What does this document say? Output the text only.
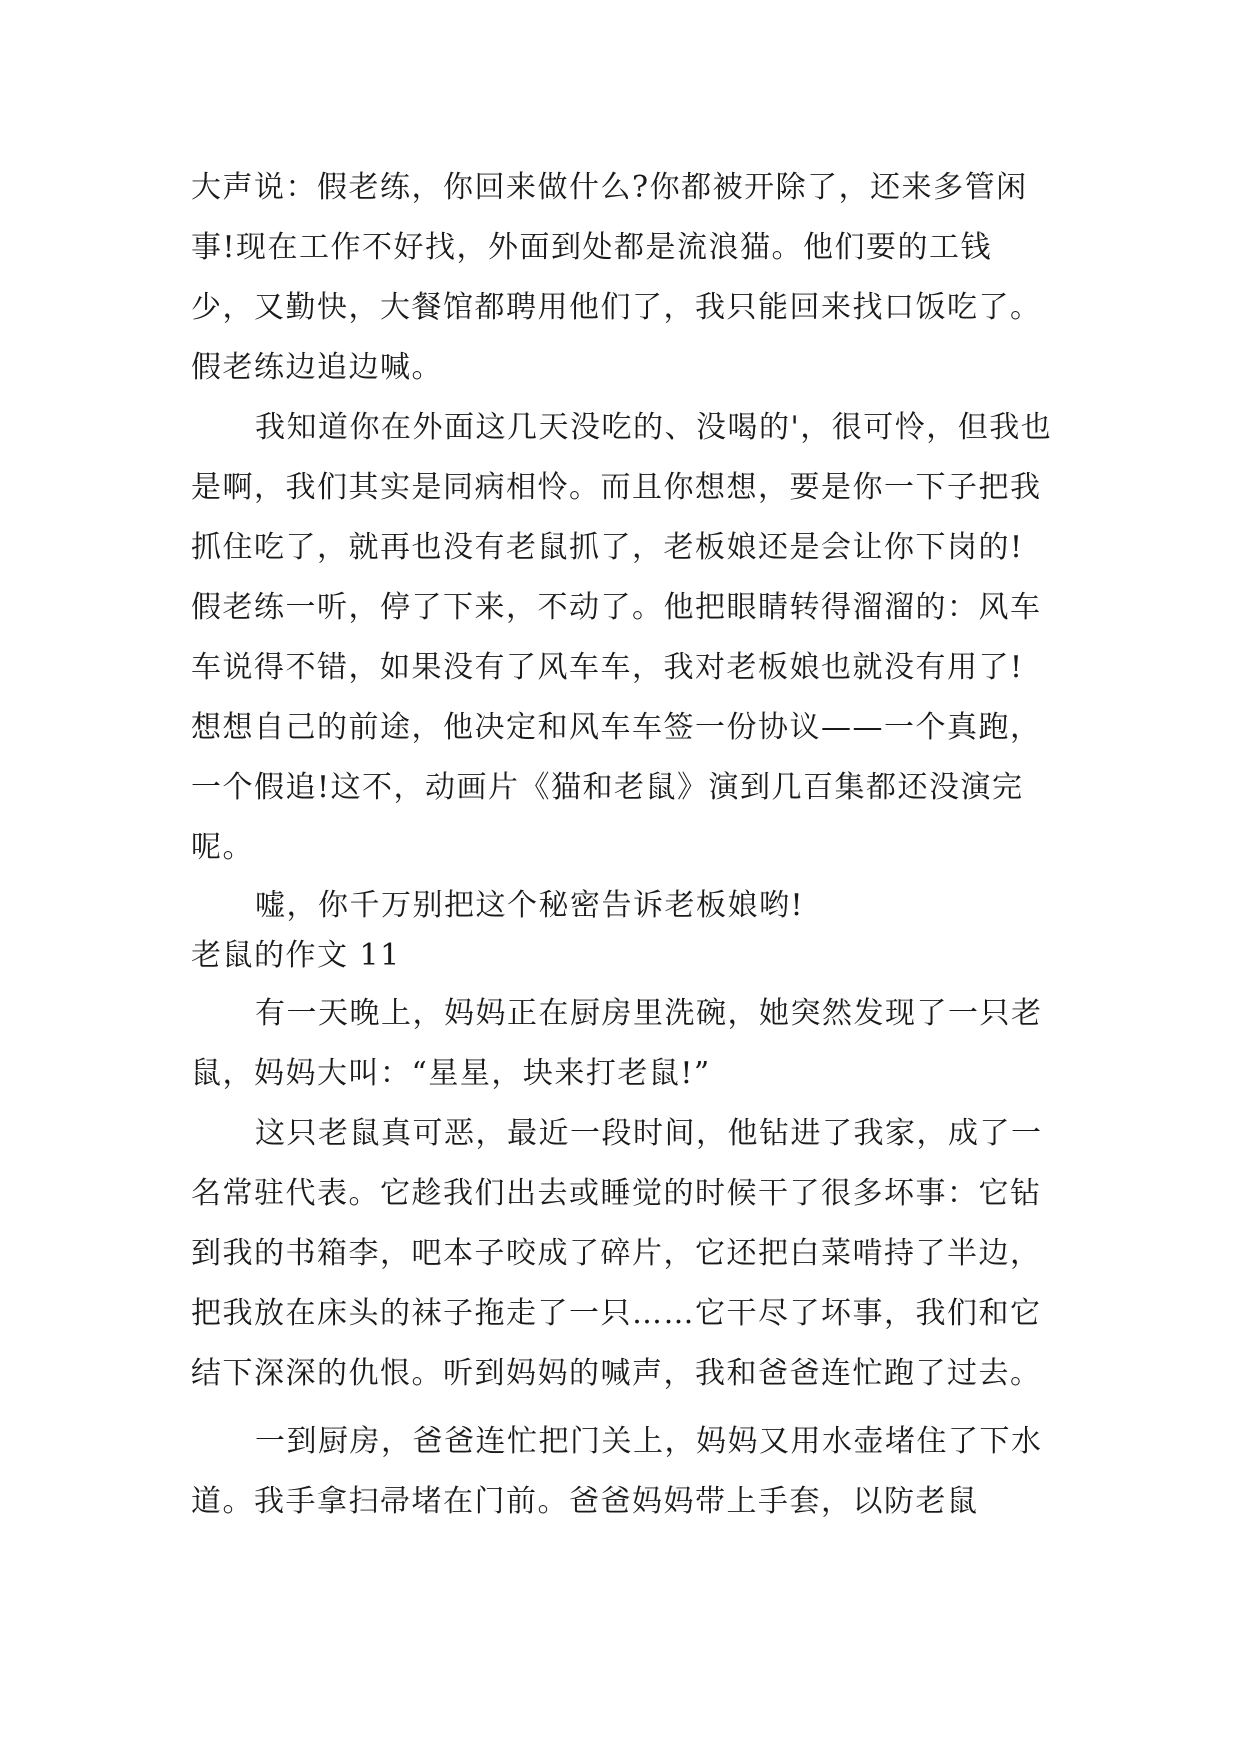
大声说：假老练，你回来做什么?你都被开除了，还来多管闲事!现在工作不好找，外面到处都是流浪猫。他们要的工钱少，又勤快，大餐馆都聘用他们了，我只能回来找口饭吃了。假老练边追边喊。

我知道你在外面这几天没吃的、没喝的'，很可怜，但我也是啊，我们其实是同病相怜。而且你想想，要是你一下子把我抓住吃了，就再也没有老鼠抓了，老板娘还是会让你下岗的!假老练一听，停了下来，不动了。他把眼睛转得溜溜的：风车车说得不错，如果没有了风车车，我对老板娘也就没有用了!想想自己的前途，他决定和风车车签一份协议——一个真跑，一个假追!这不，动画片《猫和老鼠》演到几百集都还没演完呢。

嘘，你千万别把这个秘密告诉老板娘哟!

老鼠的作文 11

有一天晚上，妈妈正在厨房里洗碗，她突然发现了一只老鼠，妈妈大叫：“星星，块来打老鼠!”

这只老鼠真可恶，最近一段时间，他钻进了我家，成了一名常驻代表。它趁我们出去或睡觉的时候干了很多坏事：它钻到我的书箱李，吧本子咬成了碎片，它还把白菜啃持了半边，把我放在床头的袜子拖走了一只……它干尽了坏事，我们和它结下深深的仇恨。听到妈妈的喊声，我和爸爸连忙跑了过去。

一到厨房，爸爸连忙把门关上，妈妈又用水壶堵住了下水道。我手拿扫帚堵在门前。爸爸妈妈带上手套，以防老鼠
